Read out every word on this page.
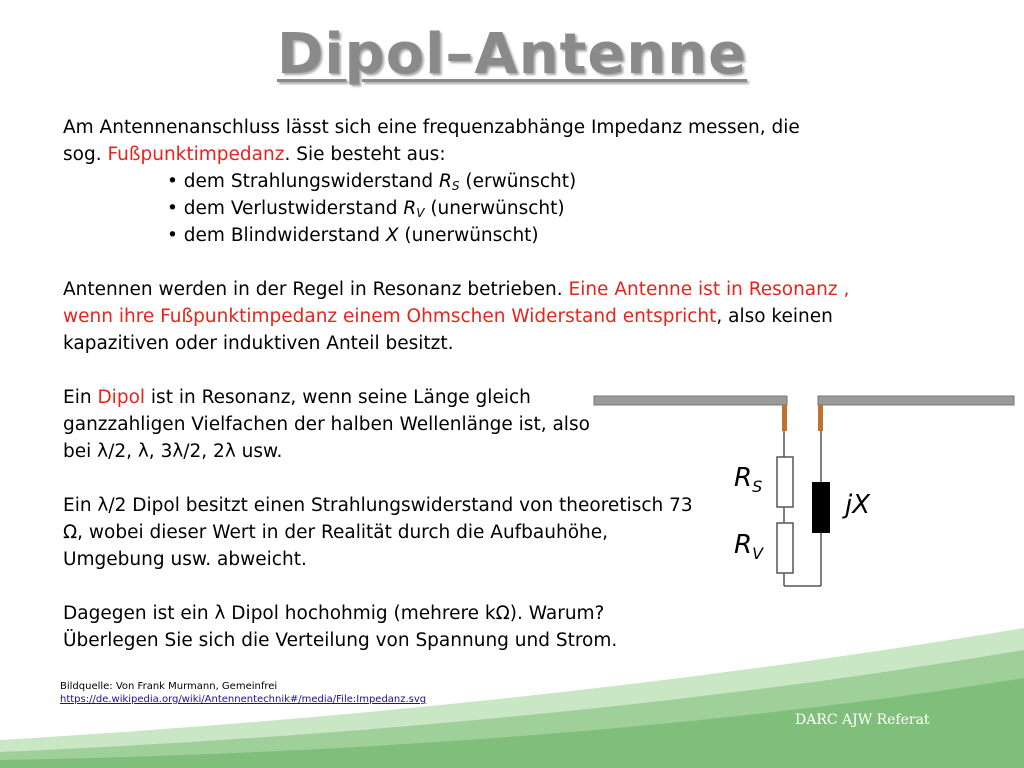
Dipol–Antenne
Am Antennenanschluss lässt sich eine frequenzabhänge Impedanz messen, die
sog. Fußpunktimpedanz. Sie besteht aus:
• dem Strahlungswiderstand $R_S$ (erwünscht)
• dem Verlustwiderstand $R_V$ (unerwünscht)
• dem Blindwiderstand X (unerwünscht)
Antennen werden in der Regel in Resonanz betrieben. Eine Antenne ist in Resonanz , wenn ihre Fußpunktimpedanz einem Ohmschen Widerstand entspricht, also keinen kapazitiven oder induktiven Anteil besitzt.
Ein Dipol ist in Resonanz, wenn seine Länge gleich ganzzahligen Vielfachen der halben Wellenlänge ist, also bei λ/2, λ, 3λ/2, 2λ usw.
Ein λ/2 Dipol besitzt einen Strahlungswiderstand von theoretisch 73 Ω, wobei dieser Wert in der Realität durch die Aufbauhöhe, Umgebung usw. abweicht.
Dagegen ist ein λ Dipol hochohmig (mehrere kΩ). Warum?
Überlegen Sie sich die Verteilung von Spannung und Strom.
$R_S$
$R_V$
jX
Bildquelle: Von Frank Murmann, Gemeinfrei
https://de.wikipedia.org/wiki/Antennentechnik#/media/File:Impedanz.svg
DARC AJW Referat
